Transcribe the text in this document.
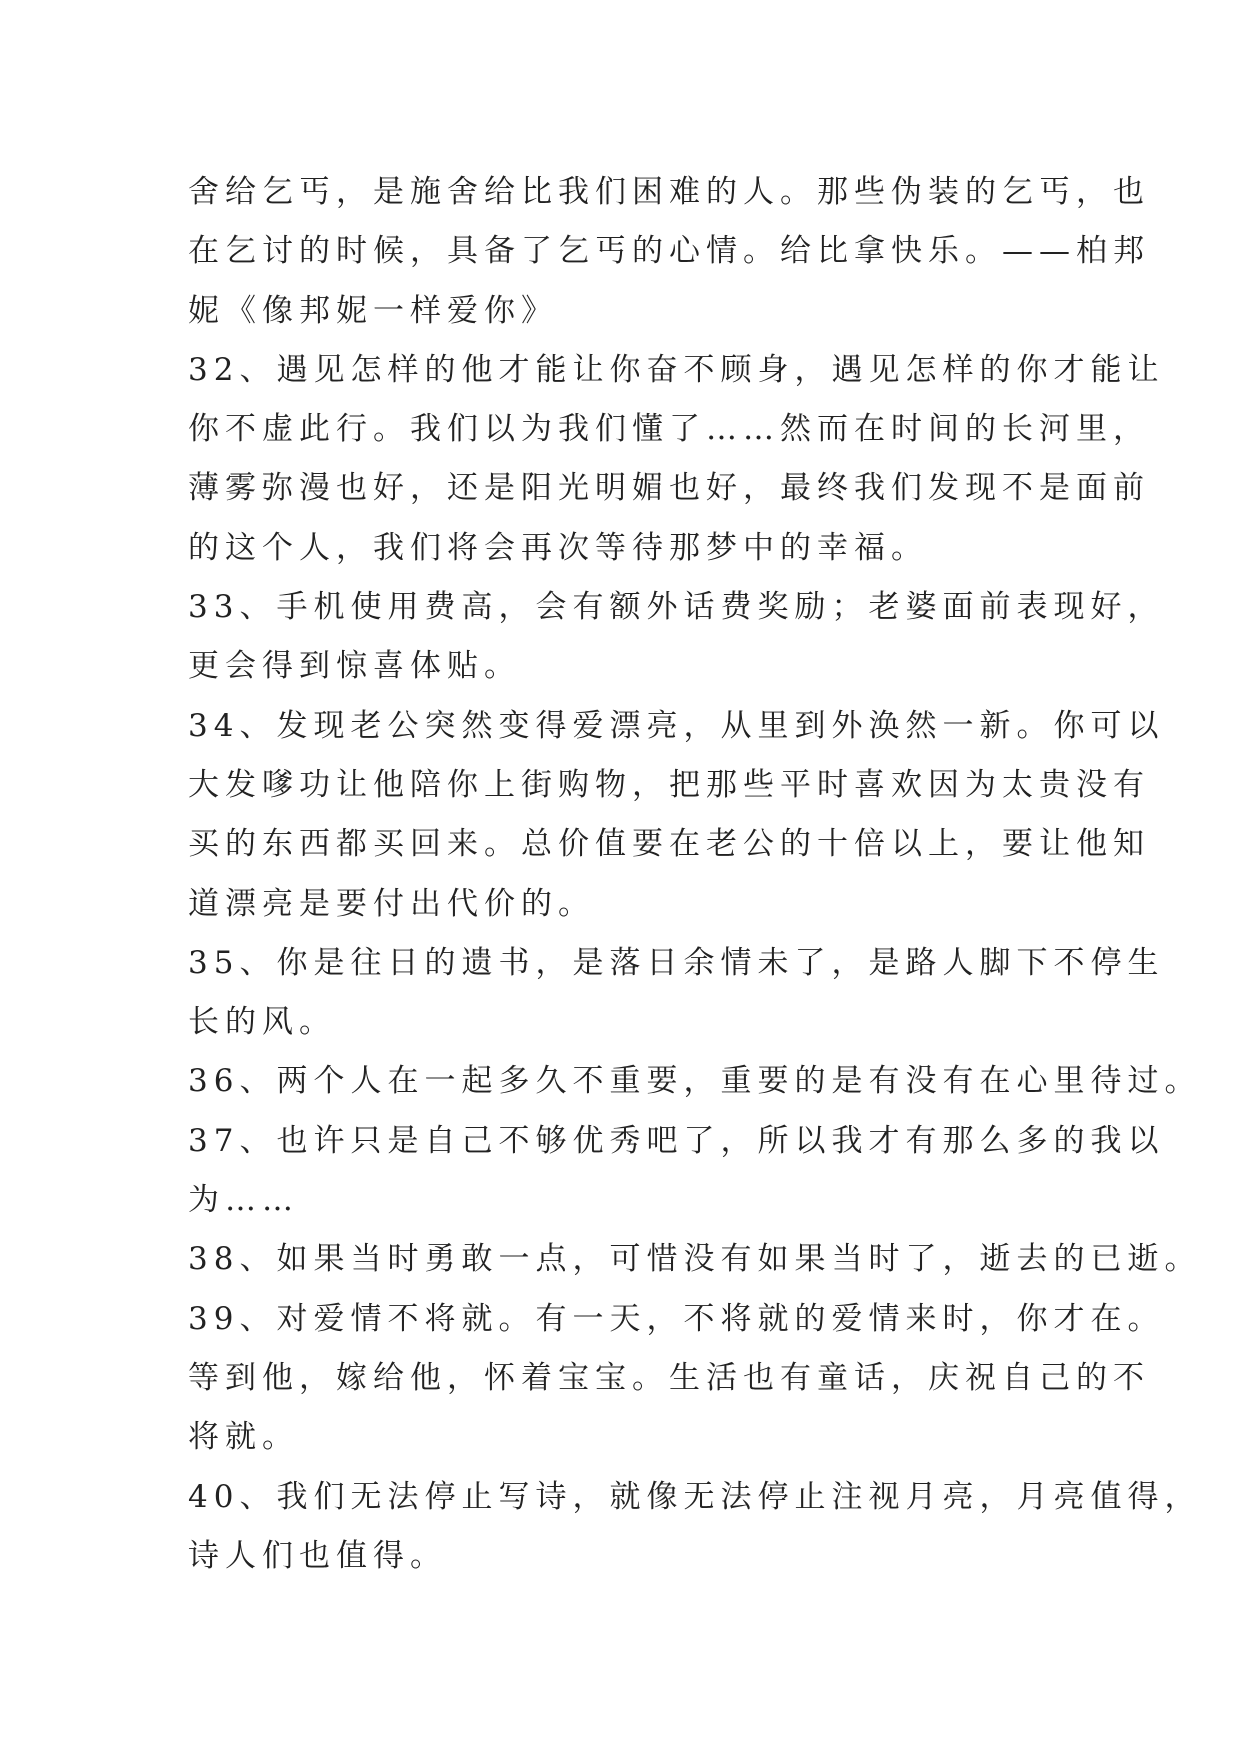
舍给乞丐，是施舍给比我们困难的人。那些伪装的乞丐，也
在乞讨的时候，具备了乞丐的心情。给比拿快乐。——柏邦
妮《像邦妮一样爱你》
32、遇见怎样的他才能让你奋不顾身，遇见怎样的你才能让
你不虚此行。我们以为我们懂了……然而在时间的长河里，
薄雾弥漫也好，还是阳光明媚也好，最终我们发现不是面前
的这个人，我们将会再次等待那梦中的幸福。
33、手机使用费高，会有额外话费奖励；老婆面前表现好，
更会得到惊喜体贴。
34、发现老公突然变得爱漂亮，从里到外涣然一新。你可以
大发嗲功让他陪你上街购物，把那些平时喜欢因为太贵没有
买的东西都买回来。总价值要在老公的十倍以上，要让他知
道漂亮是要付出代价的。
35、你是往日的遗书，是落日余情未了，是路人脚下不停生
长的风。
36、两个人在一起多久不重要，重要的是有没有在心里待过。
37、也许只是自己不够优秀吧了，所以我才有那么多的我以
为……
38、如果当时勇敢一点，可惜没有如果当时了，逝去的已逝。
39、对爱情不将就。有一天，不将就的爱情来时，你才在。
等到他，嫁给他，怀着宝宝。生活也有童话，庆祝自己的不
将就。
40、我们无法停止写诗，就像无法停止注视月亮，月亮值得，
诗人们也值得。
